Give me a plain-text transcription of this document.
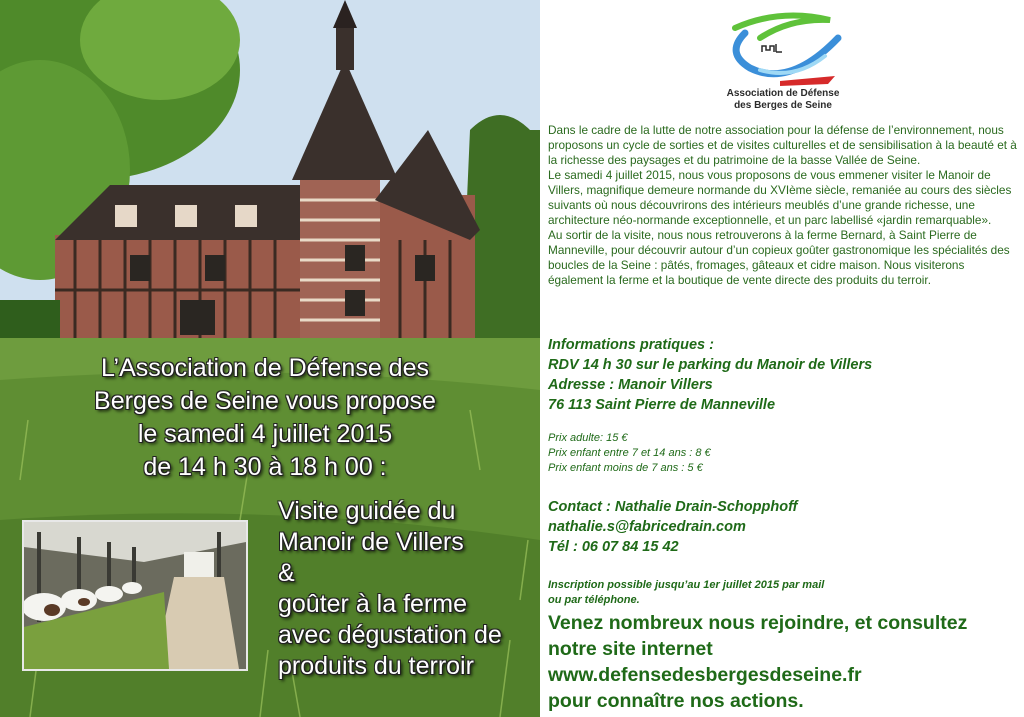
L’Association de Défense des
Berges de Seine vous propose
le samedi 4 juillet 2015
de 14 h 30 à 18 h 00 :
Visite guidée du
Manoir de Villers
&
goûter à la ferme
avec dégustation de
produits du terroir
Association de Défense
des Berges de Seine

Dans le cadre de la lutte de notre association pour la défense de l’environnement, nous proposons un cycle de sorties et de visites culturelles et de sensibilisation à la beauté et à la richesse des paysages et du patrimoine de la basse Vallée de Seine.

Le samedi 4 juillet 2015, nous vous proposons de vous emmener visiter le Manoir de Villers, magnifique demeure normande du XVIème siècle, remaniée au cours des siècles suivants où nous découvrirons des intérieurs meublés d’une grande richesse, une architecture néo-normande exceptionnelle, et un parc labellisé «jardin remarquable».

Au sortir de la visite, nous nous retrouverons à la ferme Bernard, à Saint Pierre de Manneville, pour découvrir autour d’un copieux goûter gastronomique les spécialités des boucles de la Seine : pâtés, fromages, gâteaux et cidre maison. Nous visiterons également la ferme et la boutique de vente directe des produits du terroir.

Informations pratiques :
RDV 14 h 30 sur le parking du Manoir de Villers
Adresse : Manoir Villers
76 113 Saint Pierre de Manneville
Prix adulte: 15 €
Prix enfant entre 7 et 14 ans : 8 €
Prix enfant moins de 7 ans : 5 €
Contact : Nathalie Drain-Schopphoff
nathalie.s@fabricedrain.com
Tél : 06 07 84 15 42
Inscription possible jusqu’au 1er juillet 2015 par mail
ou par téléphone.
Venez nombreux nous rejoindre, et consultez
notre site internet
www.defensedesbergesdeseine.fr
pour connaître nos actions.
